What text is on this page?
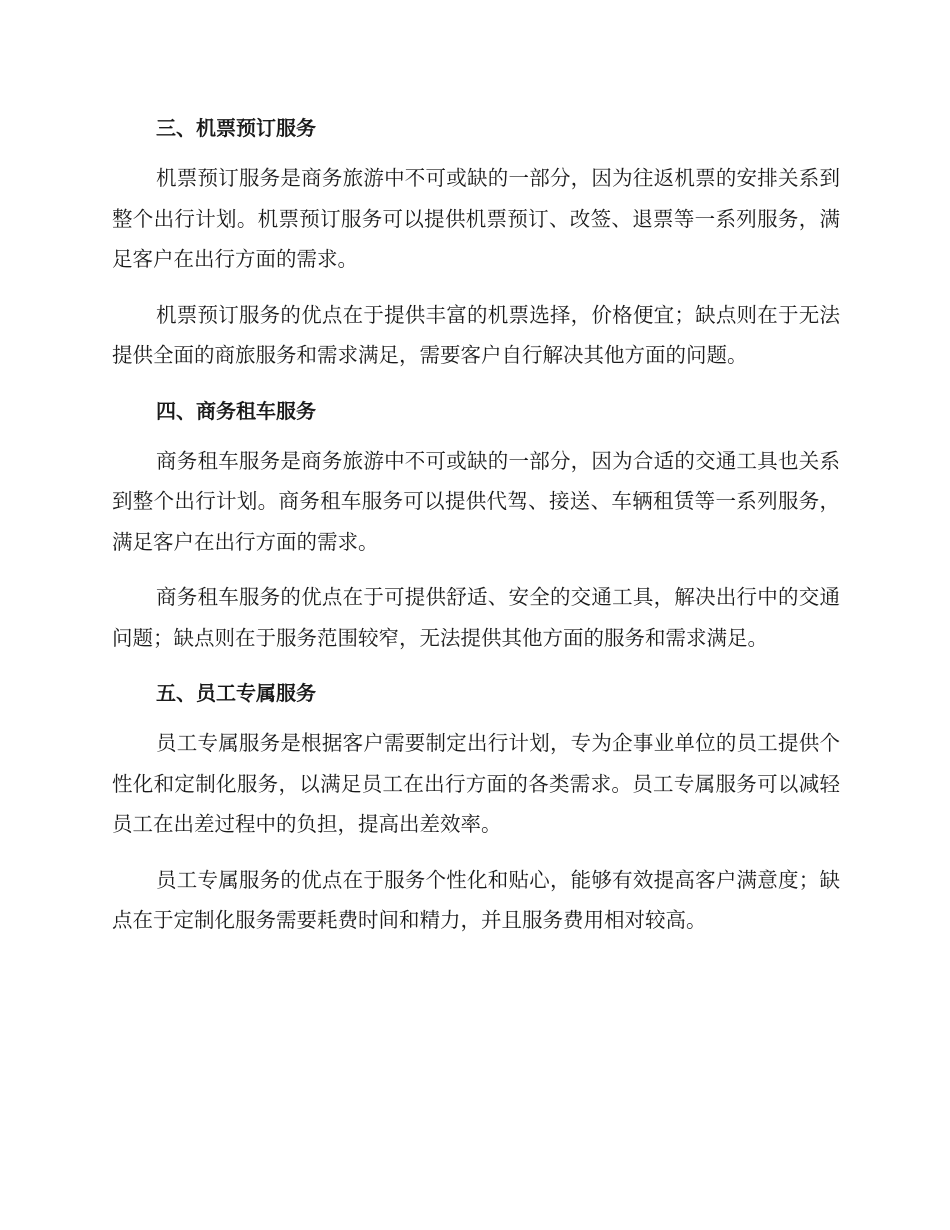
三、机票预订服务

机票预订服务是商务旅游中不可或缺的一部分，因为往返机票的安排关系到整个出行计划。机票预订服务可以提供机票预订、改签、退票等一系列服务，满足客户在出行方面的需求。

机票预订服务的优点在于提供丰富的机票选择，价格便宜；缺点则在于无法提供全面的商旅服务和需求满足，需要客户自行解决其他方面的问题。

四、商务租车服务

商务租车服务是商务旅游中不可或缺的一部分，因为合适的交通工具也关系到整个出行计划。商务租车服务可以提供代驾、接送、车辆租赁等一系列服务，满足客户在出行方面的需求。

商务租车服务的优点在于可提供舒适、安全的交通工具，解决出行中的交通问题；缺点则在于服务范围较窄，无法提供其他方面的服务和需求满足。

五、员工专属服务

员工专属服务是根据客户需要制定出行计划，专为企事业单位的员工提供个性化和定制化服务，以满足员工在出行方面的各类需求。员工专属服务可以减轻员工在出差过程中的负担，提高出差效率。

员工专属服务的优点在于服务个性化和贴心，能够有效提高客户满意度；缺点在于定制化服务需要耗费时间和精力，并且服务费用相对较高。
